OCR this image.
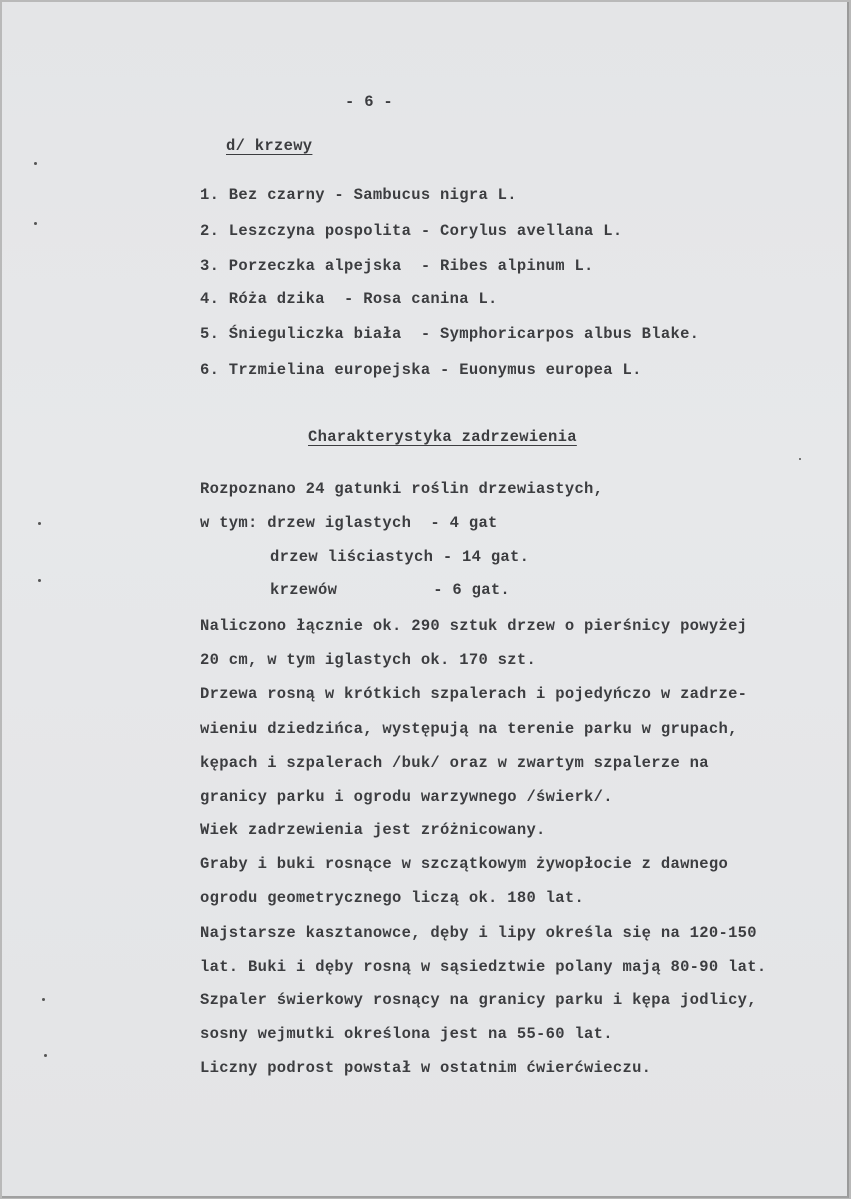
- 6 -

d/ krzewy

1. Bez czarny - Sambucus nigra L.

2. Leszczyna pospolita - Corylus avellana L.

3. Porzeczka alpejska  - Ribes alpinum L.

4. Róża dzika  - Rosa canina L.

5. Śnieguliczka biała  - Symphoricarpos albus Blake.

6. Trzmielina europejska - Euonymus europea L.

Charakterystyka zadrzewienia

Rozpoznano 24 gatunki roślin drzewiastych,

w tym: drzew iglastych  - 4 gat

drzew liściastych - 14 gat.

krzewów          - 6 gat.

Naliczono łącznie ok. 290 sztuk drzew o pierśnicy powyżej

20 cm, w tym iglastych ok. 170 szt.

Drzewa rosną w krótkich szpalerach i pojedyńczo w zadrze-

wieniu dziedzińca, występują na terenie parku w grupach,

kępach i szpalerach /buk/ oraz w zwartym szpalerze na

granicy parku i ogrodu warzywnego /świerk/.

Wiek zadrzewienia jest zróżnicowany.

Graby i buki rosnące w szczątkowym żywopłocie z dawnego

ogrodu geometrycznego liczą ok. 180 lat.

Najstarsze kasztanowce, dęby i lipy określa się na 120-150

lat. Buki i dęby rosną w sąsiedztwie polany mają 80-90 lat.

Szpaler świerkowy rosnący na granicy parku i kępa jodlicy,

sosny wejmutki określona jest na 55-60 lat.

Liczny podrost powstał w ostatnim ćwierćwieczu.
